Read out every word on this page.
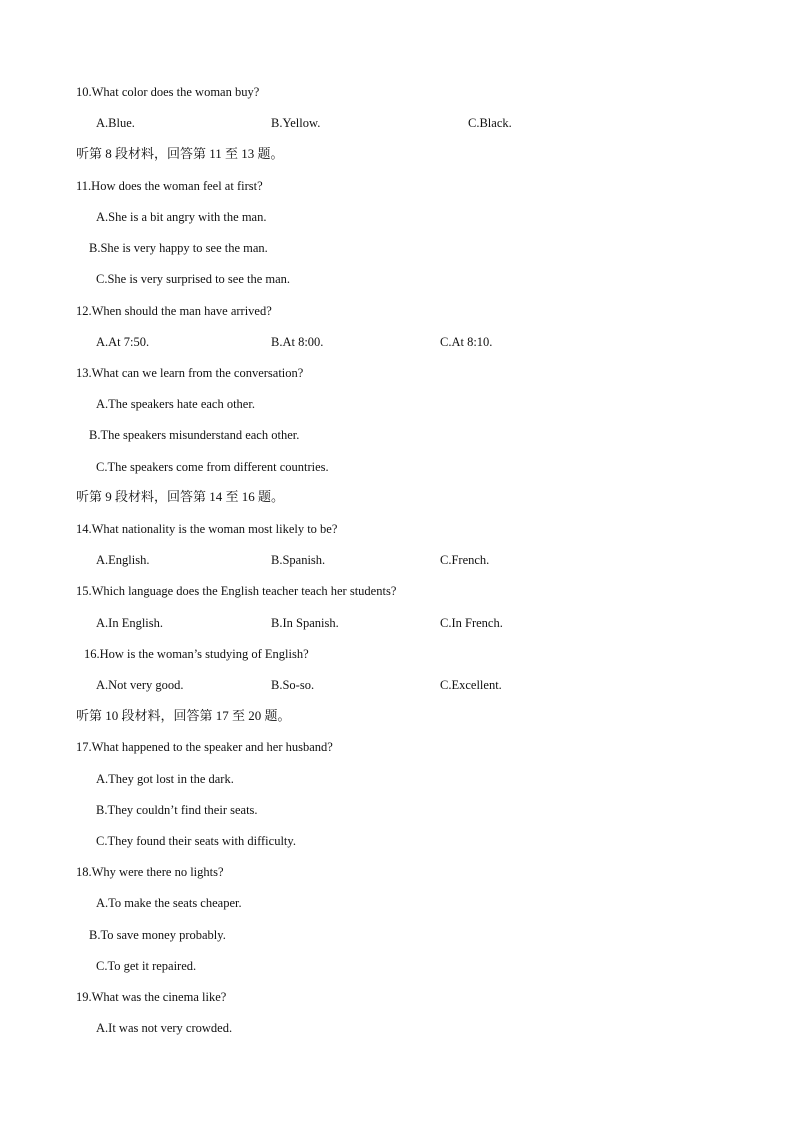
10.What color does the woman buy?
A.Blue.	B.Yellow.	C.Black.
听第 8 段材料，回答第 11 至 13 题。
11.How does the woman feel at first?
A.She is a bit angry with the man.
B.She is very happy to see the man.
C.She is very surprised to see the man.
12.When should the man have arrived?
A.At 7:50.	B.At 8:00.	C.At 8:10.
13.What can we learn from the conversation?
A.The speakers hate each other.
B.The speakers misunderstand each other.
C.The speakers come from different countries.
听第 9 段材料，回答第 14 至 16 题。
14.What nationality is the woman most likely to be?
A.English.	B.Spanish.	C.French.
15.Which language does the English teacher teach her students?
A.In English.	B.In Spanish.	C.In French.
16.How is the woman’s studying of English?
A.Not very good.	B.So-so.	C.Excellent.
听第 10 段材料，回答第 17 至 20 题。
17.What happened to the speaker and her husband?
A.They got lost in the dark.
B.They couldn’t find their seats.
C.They found their seats with difficulty.
18.Why were there no lights?
A.To make the seats cheaper.
B.To save money probably.
C.To get it repaired.
19.What was the cinema like?
A.It was not very crowded.
